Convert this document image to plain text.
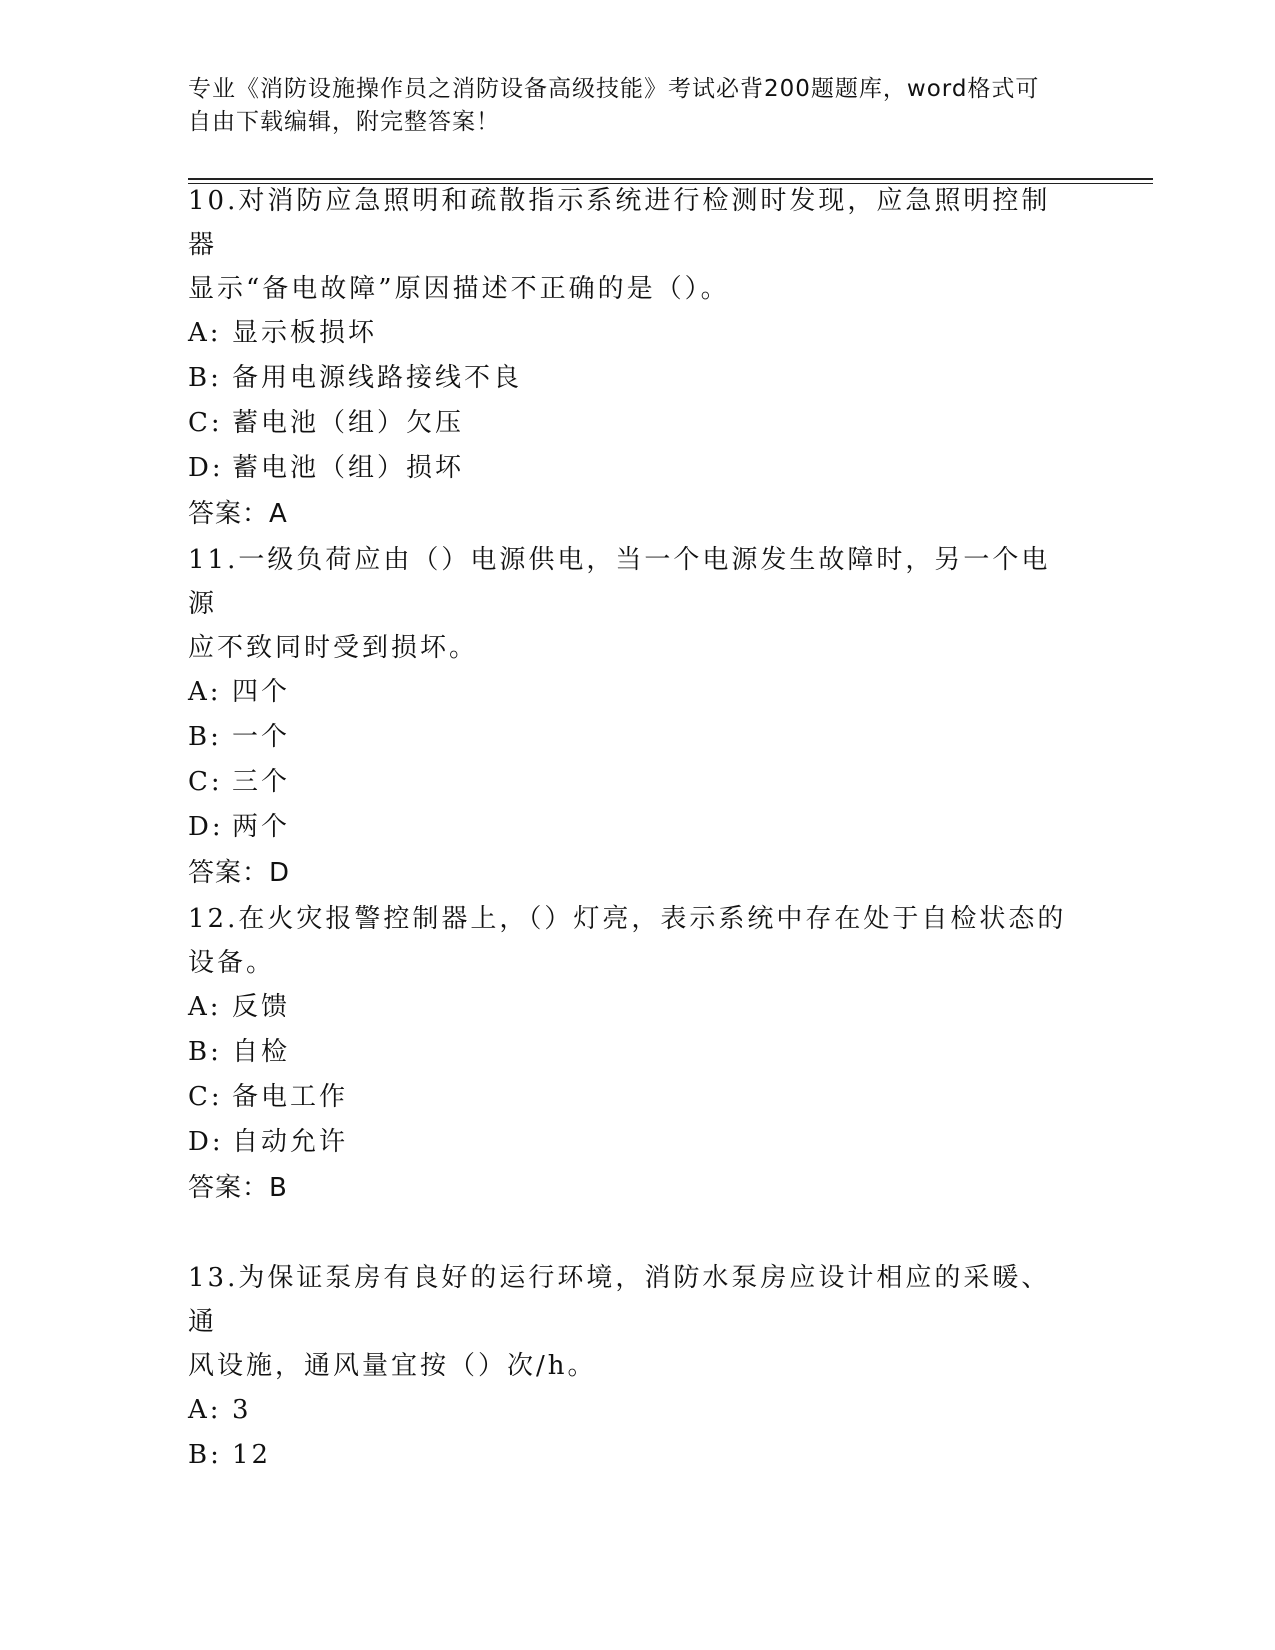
专业《消防设施操作员之消防设备高级技能》考试必背200题题库，word格式可
自由下载编辑，附完整答案！
10.对消防应急照明和疏散指示系统进行检测时发现，应急照明控制器
显示“备电故障”原因描述不正确的是（）。
A: 显示板损坏
B: 备用电源线路接线不良
C: 蓄电池（组）欠压
D: 蓄电池（组）损坏
答案：A
11.一级负荷应由（）电源供电，当一个电源发生故障时，另一个电源
应不致同时受到损坏。
A: 四个
B: 一个
C: 三个
D: 两个
答案：D
12.在火灾报警控制器上，（）灯亮，表示系统中存在处于自检状态的
设备。
A: 反馈
B: 自检
C: 备电工作
D: 自动允许
答案：B
13.为保证泵房有良好的运行环境，消防水泵房应设计相应的采暖、通
风设施，通风量宜按（）次/h。
A: 3
B: 12
